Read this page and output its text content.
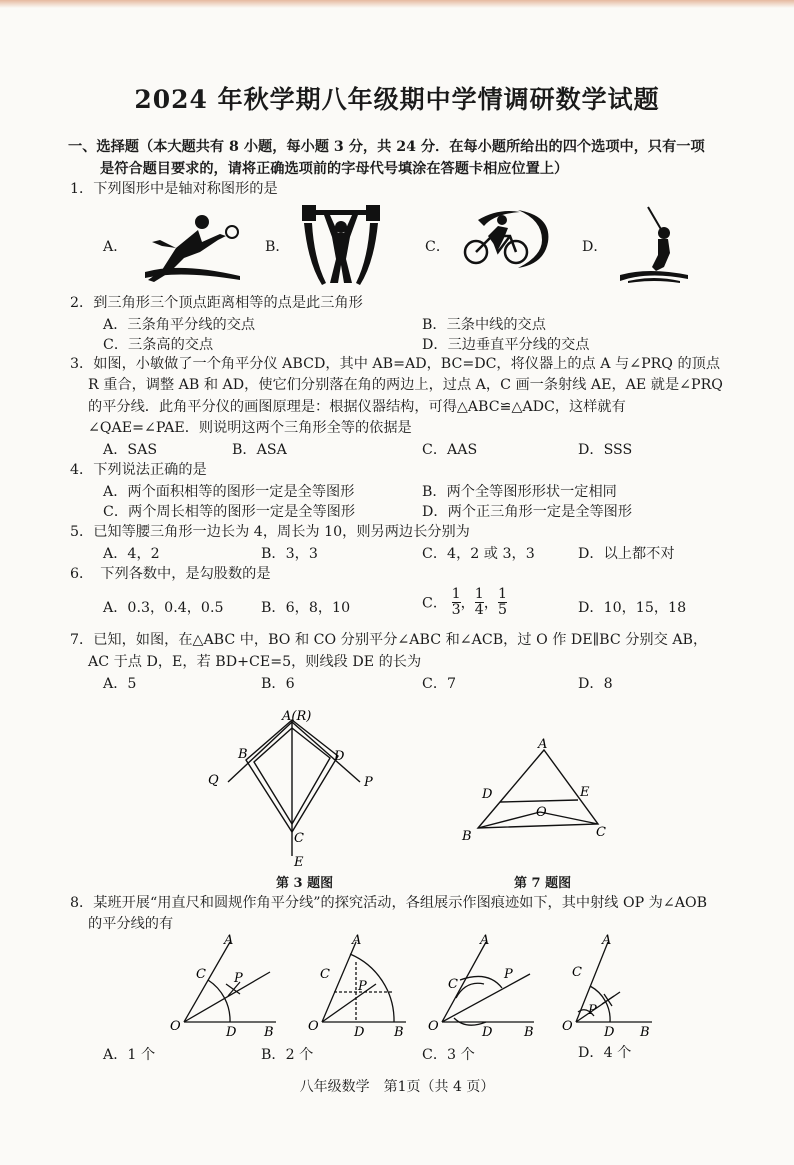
2024 年秋学期八年级期中学情调研数学试题
一、选择题（本大题共有 8 小题，每小题 3 分，共 24 分．在每小题所给出的四个选项中，只有一项
是符合题目要求的，请将正确选项前的字母代号填涂在答题卡相应位置上）
1．下列图形中是轴对称图形的是
A．	B．	C．	D．
2．到三角形三个顶点距离相等的点是此三角形
A．三条角平分线的交点	B．三条中线的交点
C．三条高的交点	D．三边垂直平分线的交点
3．如图，小敏做了一个角平分仪 ABCD，其中 AB=AD，BC=DC，将仪器上的点 A 与∠PRQ 的顶点
R 重合，调整 AB 和 AD，使它们分别落在角的两边上，过点 A，C 画一条射线 AE，AE 就是∠PRQ
的平分线．此角平分仪的画图原理是：根据仪器结构，可得△ABC≌△ADC，这样就有
∠QAE=∠PAE．则说明这两个三角形全等的依据是
A．SAS	B．ASA	C．AAS	D．SSS
4．下列说法正确的是
A．两个面积相等的图形一定是全等图形	B．两个全等图形形状一定相同
C．两个周长相等的图形一定是全等图形	D．两个正三角形一定是全等图形
5．已知等腰三角形一边长为 4，周长为 10，则另两边长分别为
A．4，2	B．3，3	C．4，2 或 3，3	D．以上都不对
6．　下列各数中，是勾股数的是
A．0.3，0.4，0.5	B．6，8，10	C． $\frac{1}{3}$ ， $\frac{1}{4}$ ， $\frac{1}{5}$	D．10，15，18
7．已知，如图，在△ABC 中，BO 和 CO 分别平分∠ABC 和∠ACB，过 O 作 DE∥BC 分别交 AB，
AC 于点 D，E，若 BD+CE=5，则线段 DE 的长为
A．5	B．6	C．7	D．8
A(R)
B	D
C
E
Q	P
第 3 题图
A
D	E
O
B	C
第 7 题图
8．某班开展“用直尺和圆规作角平分线”的探究活动，各组展示作图痕迹如下，其中射线 OP 为∠AOB
的平分线的有
A
C P
O	D B
A
C
P
O	D B
A
C
P
O	D B
A
C
P
O D B
A．1 个	B．2 个	C．3 个	D．4 个
八年级数学　第1页（共 4 页）
